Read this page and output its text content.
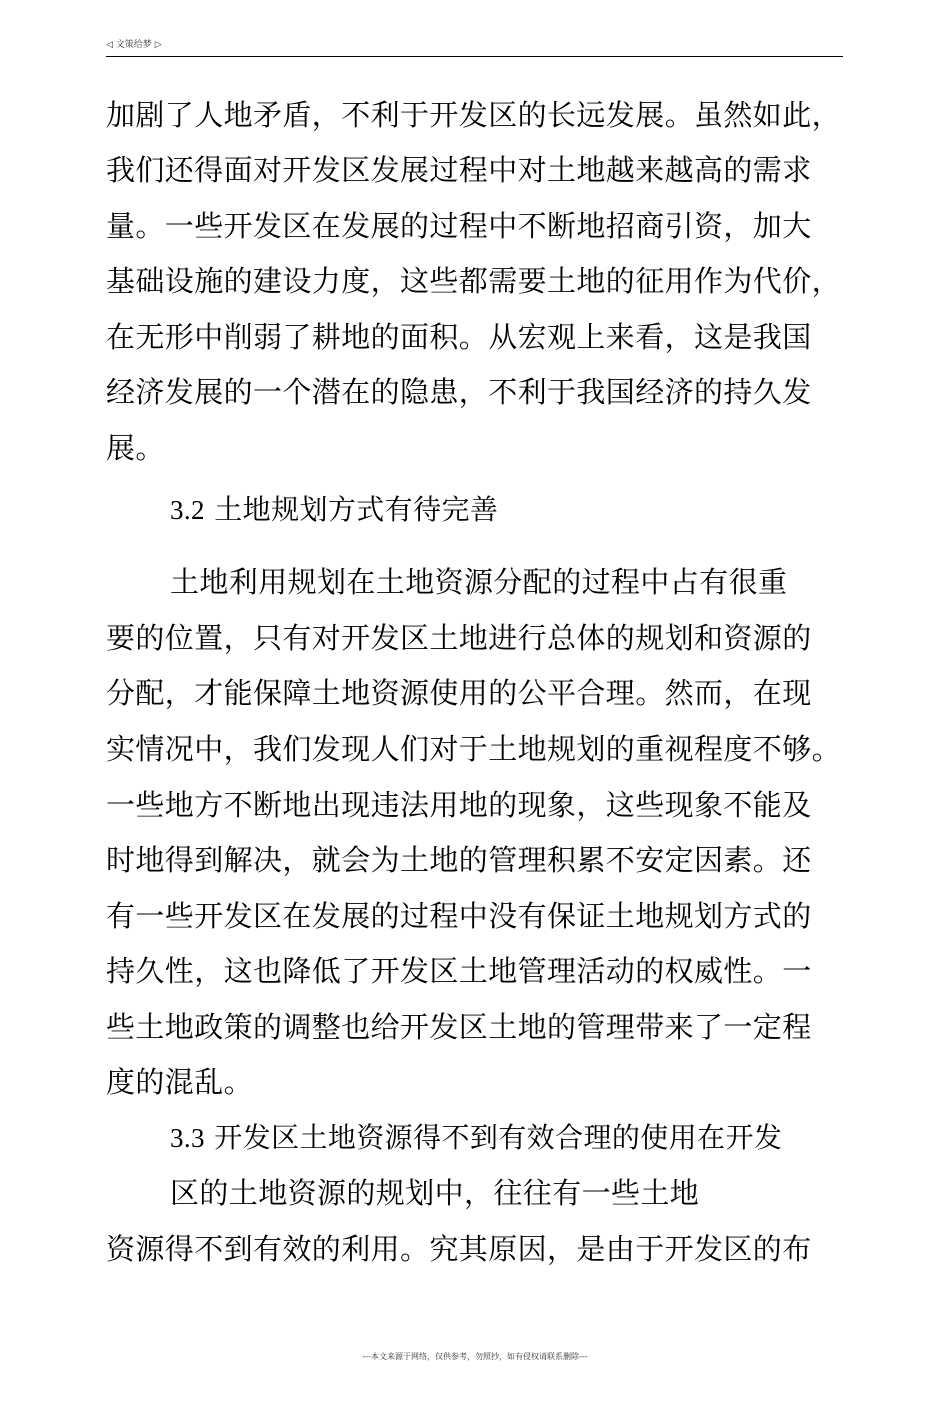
◁ 文策给梦 ▷
加剧了人地矛盾，不利于开发区的长远发展。虽然如此，
我们还得面对开发区发展过程中对土地越来越高的需求
量。一些开发区在发展的过程中不断地招商引资，加大
基础设施的建设力度，这些都需要土地的征用作为代价，
在无形中削弱了耕地的面积。从宏观上来看，这是我国
经济发展的一个潜在的隐患，不利于我国经济的持久发
展。
3.2 土地规划方式有待完善
土地利用规划在土地资源分配的过程中占有很重
要的位置，只有对开发区土地进行总体的规划和资源的
分配，才能保障土地资源使用的公平合理。然而，在现
实情况中，我们发现人们对于土地规划的重视程度不够。
一些地方不断地出现违法用地的现象，这些现象不能及
时地得到解决，就会为土地的管理积累不安定因素。还
有一些开发区在发展的过程中没有保证土地规划方式的
持久性，这也降低了开发区土地管理活动的权威性。一
些土地政策的调整也给开发区土地的管理带来了一定程
度的混乱。
3.3 开发区土地资源得不到有效合理的使用在开发
区的土地资源的规划中，往往有一些土地
资源得不到有效的利用。究其原因，是由于开发区的布
---本文来源于网络，仅供参考，勿照抄，如有侵权请联系删除---
